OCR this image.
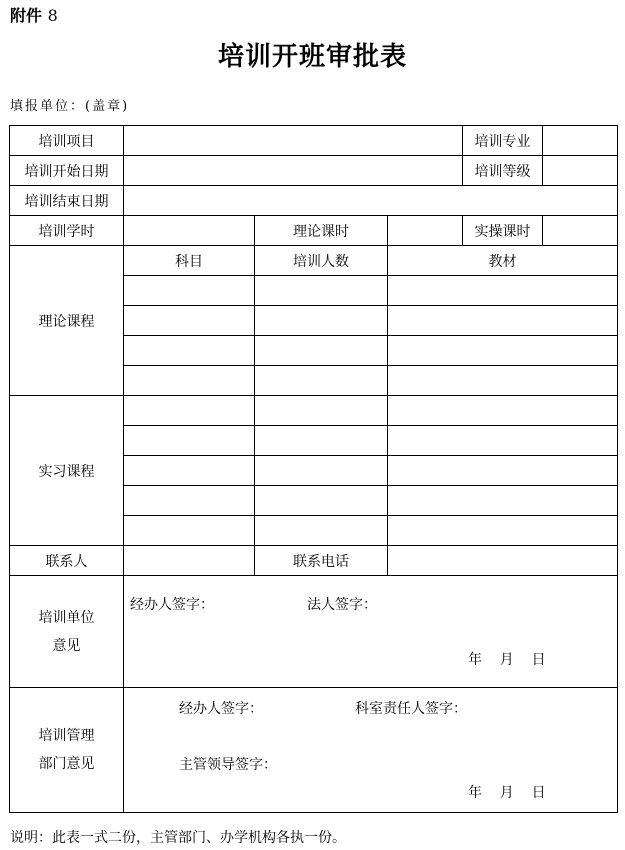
附件 8
培训开班审批表
填报单位：(盖章)
培训项目				培训专业	
培训开始日期				培训等级	
培训结束日期					
培训学时		理论课时		实操课时	
理论课程	科目	培训人数	教材		

实习课程					

联系人		联系电话			

培训单位
意见	经办人签字： 法人签字：
年    月    日				

培训管理
部门意见	经办人签字： 科室责任人签字：
主管领导签字：
年    月    日				
说明：此表一式二份，主管部门、办学机构各执一份。
